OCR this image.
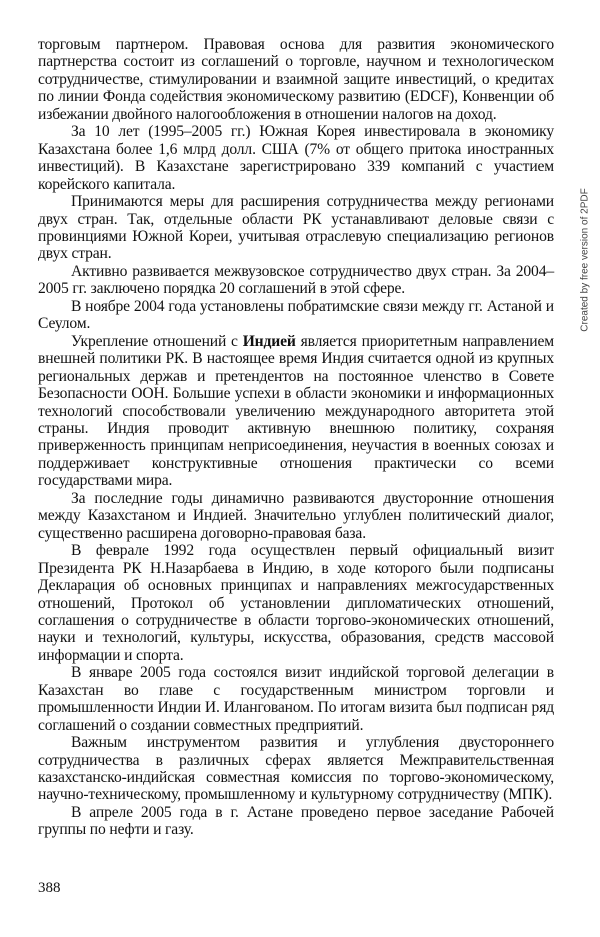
торговым партнером. Правовая основа для развития экономического партнерства состоит из соглашений о торговле, научном и технологическом сотрудничестве, стимулировании и взаимной защите инвестиций, о кредитах по линии Фонда содействия экономическому развитию (EDCF), Конвенции об избежании двойного налогообложения в отношении налогов на доход.

За 10 лет (1995–2005 гг.) Южная Корея инвестировала в экономику Казахстана более 1,6 млрд долл. США (7% от общего притока иностранных инвестиций). В Казахстане зарегистрировано 339 компаний с участием корейского капитала.

Принимаются меры для расширения сотрудничества между регионами двух стран. Так, отдельные области РК устанавливают деловые связи с провинциями Южной Кореи, учитывая отраслевую специализацию регионов двух стран.

Активно развивается межвузовское сотрудничество двух стран. За 2004–2005 гг. заключено порядка 20 соглашений в этой сфере.

В ноябре 2004 года установлены побратимские связи между гг. Астаной и Сеулом.

Укрепление отношений с Индией является приоритетным направлением внешней политики РК. В настоящее время Индия считается одной из крупных региональных держав и претендентов на постоянное членство в Совете Безопасности ООН. Большие успехи в области экономики и информационных технологий способствовали увеличению международного авторитета этой страны. Индия проводит активную внешнюю политику, сохраняя приверженность принципам неприсоединения, неучастия в военных союзах и поддерживает конструктивные отношения практически со всеми государствами мира.

За последние годы динамично развиваются двусторонние отношения между Казахстаном и Индией. Значительно углублен политический диалог, существенно расширена договорно-правовая база.

В феврале 1992 года осуществлен первый официальный визит Президента РК Н.Назарбаева в Индию, в ходе которого были подписаны Декларация об основных принципах и направлениях межгосударственных отношений, Протокол об установлении дипломатических отношений, соглашения о сотрудничестве в области торгово-экономических отношений, науки и технологий, культуры, искусства, образования, средств массовой информации и спорта.

В январе 2005 года состоялся визит индийской торговой делегации в Казахстан во главе с государственным министром торговли и промышленности Индии И. Илангованом. По итогам визита был подписан ряд соглашений о создании совместных предприятий.

Важным инструментом развития и углубления двустороннего сотрудничества в различных сферах является Межправительственная казахстанско-индийская совместная комиссия по торгово-экономическому, научно-техническому, промышленному и культурному сотрудничеству (МПК).

В апреле 2005 года в г. Астане проведено первое заседание Рабочей группы по нефти и газу.

388

Created by free version of 2PDF
